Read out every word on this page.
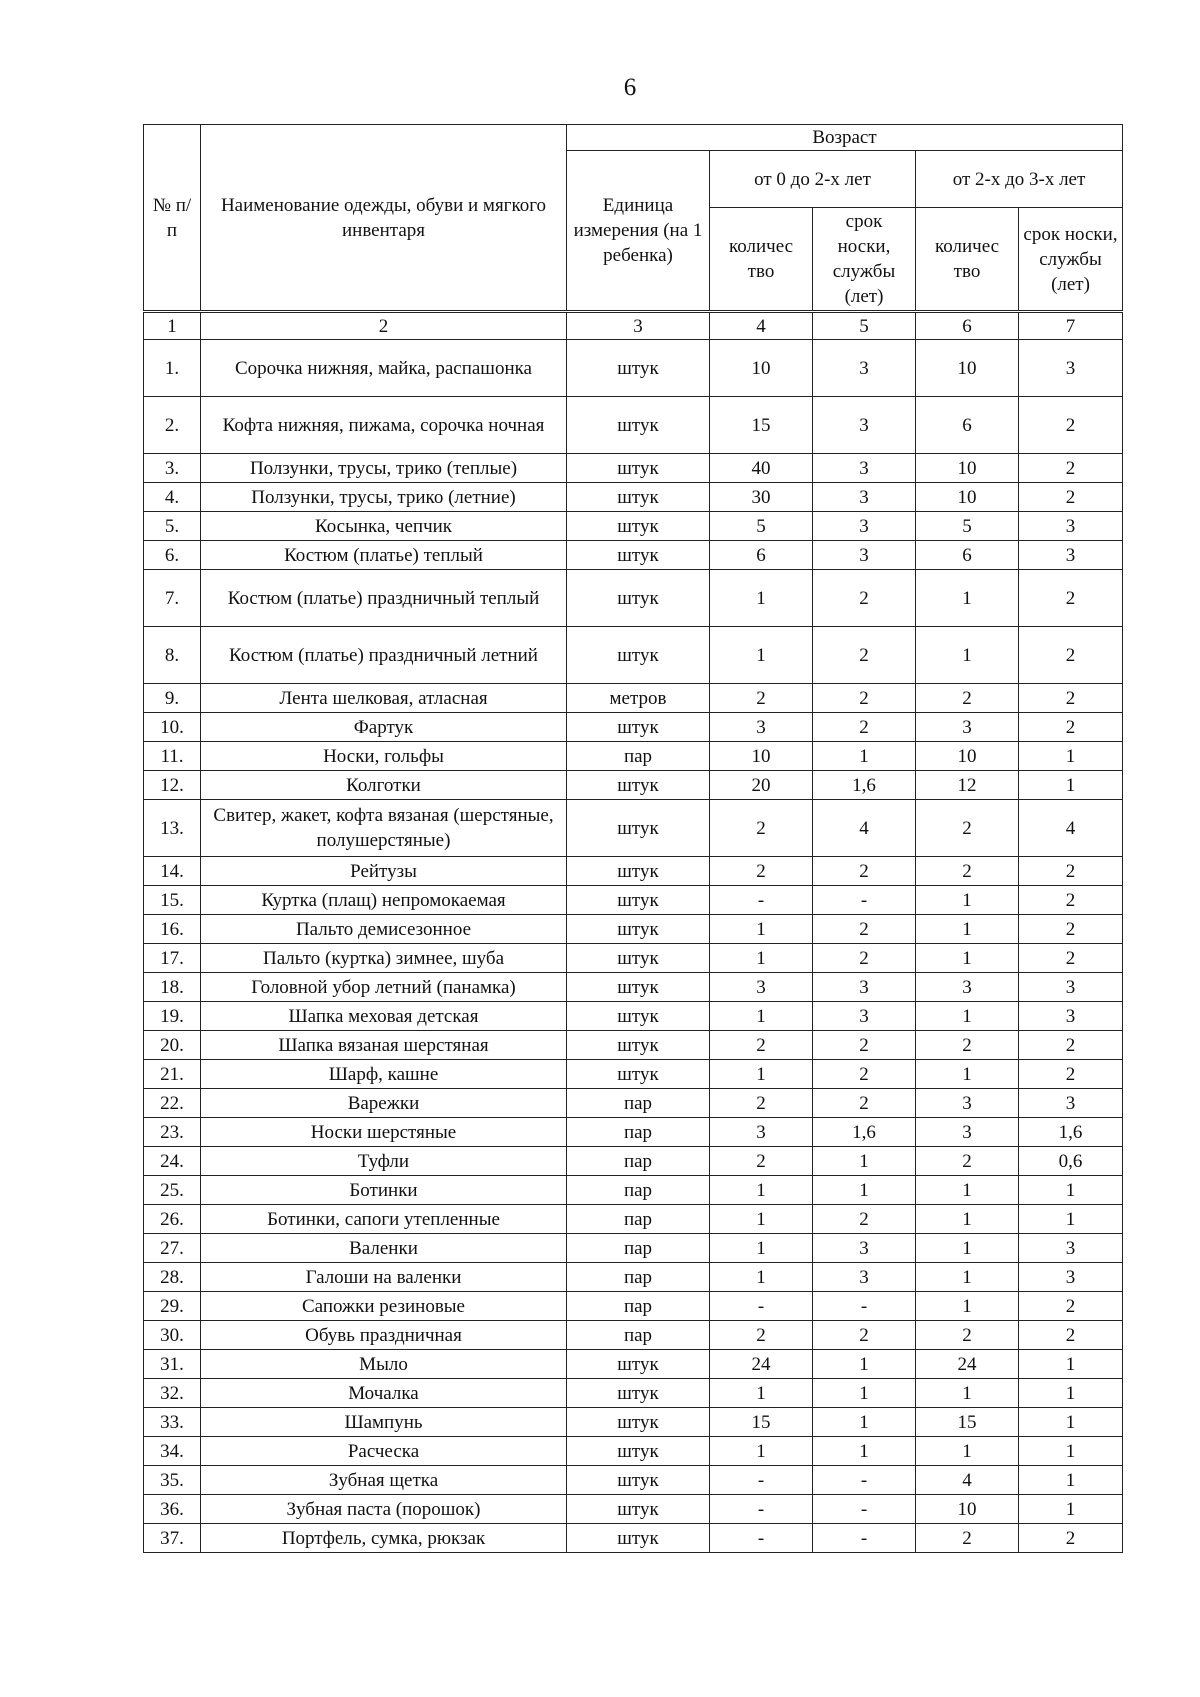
6
№ п/п	Наименование одежды, обуви и мягкого инвентаря	Возраст				
		Единица измерения (на 1 ребенка)	от 0 до 2-х лет		от 2-х до 3-х лет	
			количес тво	срок носки, службы (лет)	количес тво	срок носки, службы (лет)
1	2	3	4	5	6	7
1.	Сорочка нижняя, майка, распашонка	штук	10	3	10	3
2.	Кофта нижняя, пижама, сорочка ночная	штук	15	3	6	2
3.	Ползунки, трусы, трико (теплые)	штук	40	3	10	2
4.	Ползунки, трусы, трико (летние)	штук	30	3	10	2
5.	Косынка, чепчик	штук	5	3	5	3
6.	Костюм (платье) теплый	штук	6	3	6	3
7.	Костюм (платье) праздничный теплый	штук	1	2	1	2
8.	Костюм (платье) праздничный летний	штук	1	2	1	2
9.	Лента шелковая, атласная	метров	2	2	2	2
10.	Фартук	штук	3	2	3	2
11.	Носки, гольфы	пар	10	1	10	1
12.	Колготки	штук	20	1,6	12	1
13.	Свитер, жакет, кофта вязаная (шерстяные, полушерстяные)	штук	2	4	2	4
14.	Рейтузы	штук	2	2	2	2
15.	Куртка (плащ) непромокаемая	штук	-	-	1	2
16.	Пальто демисезонное	штук	1	2	1	2
17.	Пальто (куртка) зимнее, шуба	штук	1	2	1	2
18.	Головной убор летний (панамка)	штук	3	3	3	3
19.	Шапка меховая детская	штук	1	3	1	3
20.	Шапка вязаная шерстяная	штук	2	2	2	2
21.	Шарф, кашне	штук	1	2	1	2
22.	Варежки	пар	2	2	3	3
23.	Носки шерстяные	пар	3	1,6	3	1,6
24.	Туфли	пар	2	1	2	0,6
25.	Ботинки	пар	1	1	1	1
26.	Ботинки, сапоги утепленные	пар	1	2	1	1
27.	Валенки	пар	1	3	1	3
28.	Галоши на валенки	пар	1	3	1	3
29.	Сапожки резиновые	пар	-	-	1	2
30.	Обувь праздничная	пар	2	2	2	2
31.	Мыло	штук	24	1	24	1
32.	Мочалка	штук	1	1	1	1
33.	Шампунь	штук	15	1	15	1
34.	Расческа	штук	1	1	1	1
35.	Зубная щетка	штук	-	-	4	1
36.	Зубная паста (порошок)	штук	-	-	10	1
37.	Портфель, сумка, рюкзак	штук	-	-	2	2
